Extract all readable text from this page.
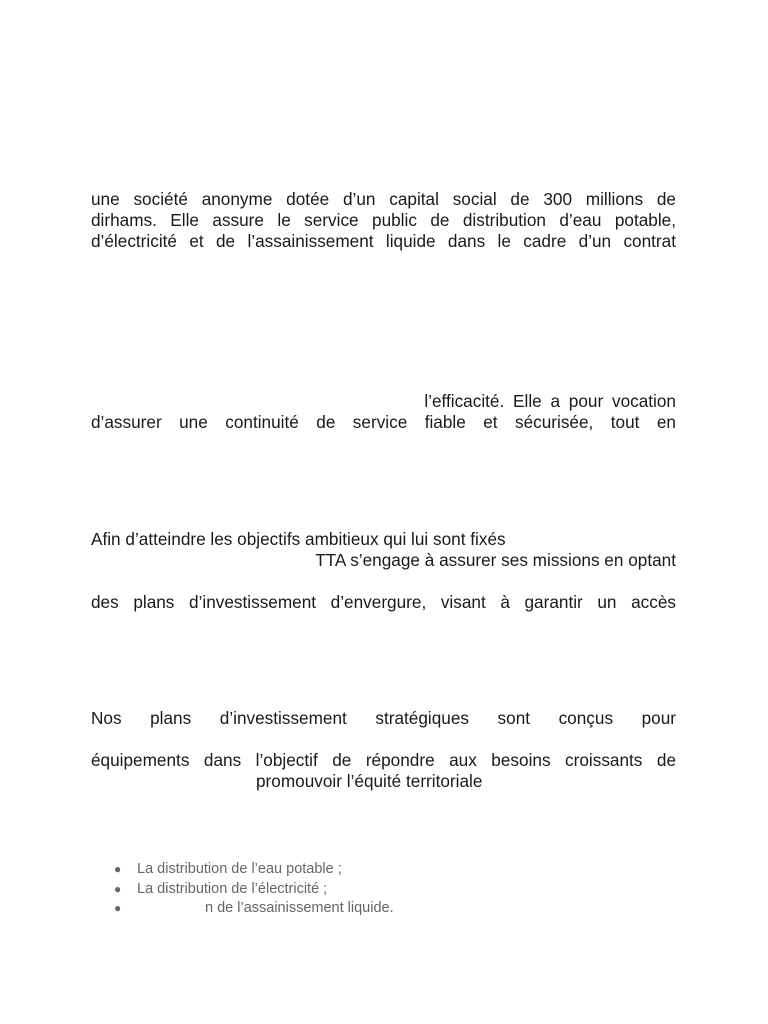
une société anonyme dotée d’un capital social de 300 millions de

dirhams. Elle assure le service public de distribution d’eau potable,

d’électricité et de l’assainissement liquide dans le cadre d’un contrat

l’efficacité. Elle a pour vocation

d’assurer une continuité de service fiable et sécurisée, tout en

Afin d’atteindre les objectifs ambitieux qui lui sont fixés

TTA s’engage à assurer ses missions en optant

des plans d’investissement d’envergure, visant à garantir un accès

Nos plans d’investissement stratégiques sont conçus pour

équipements dans l’objectif de répondre aux besoins croissants de

promouvoir l’équité territoriale

● La distribution de l’eau potable ;
● La distribution de l’électricité ;
●	n de l’assainissement liquide.
